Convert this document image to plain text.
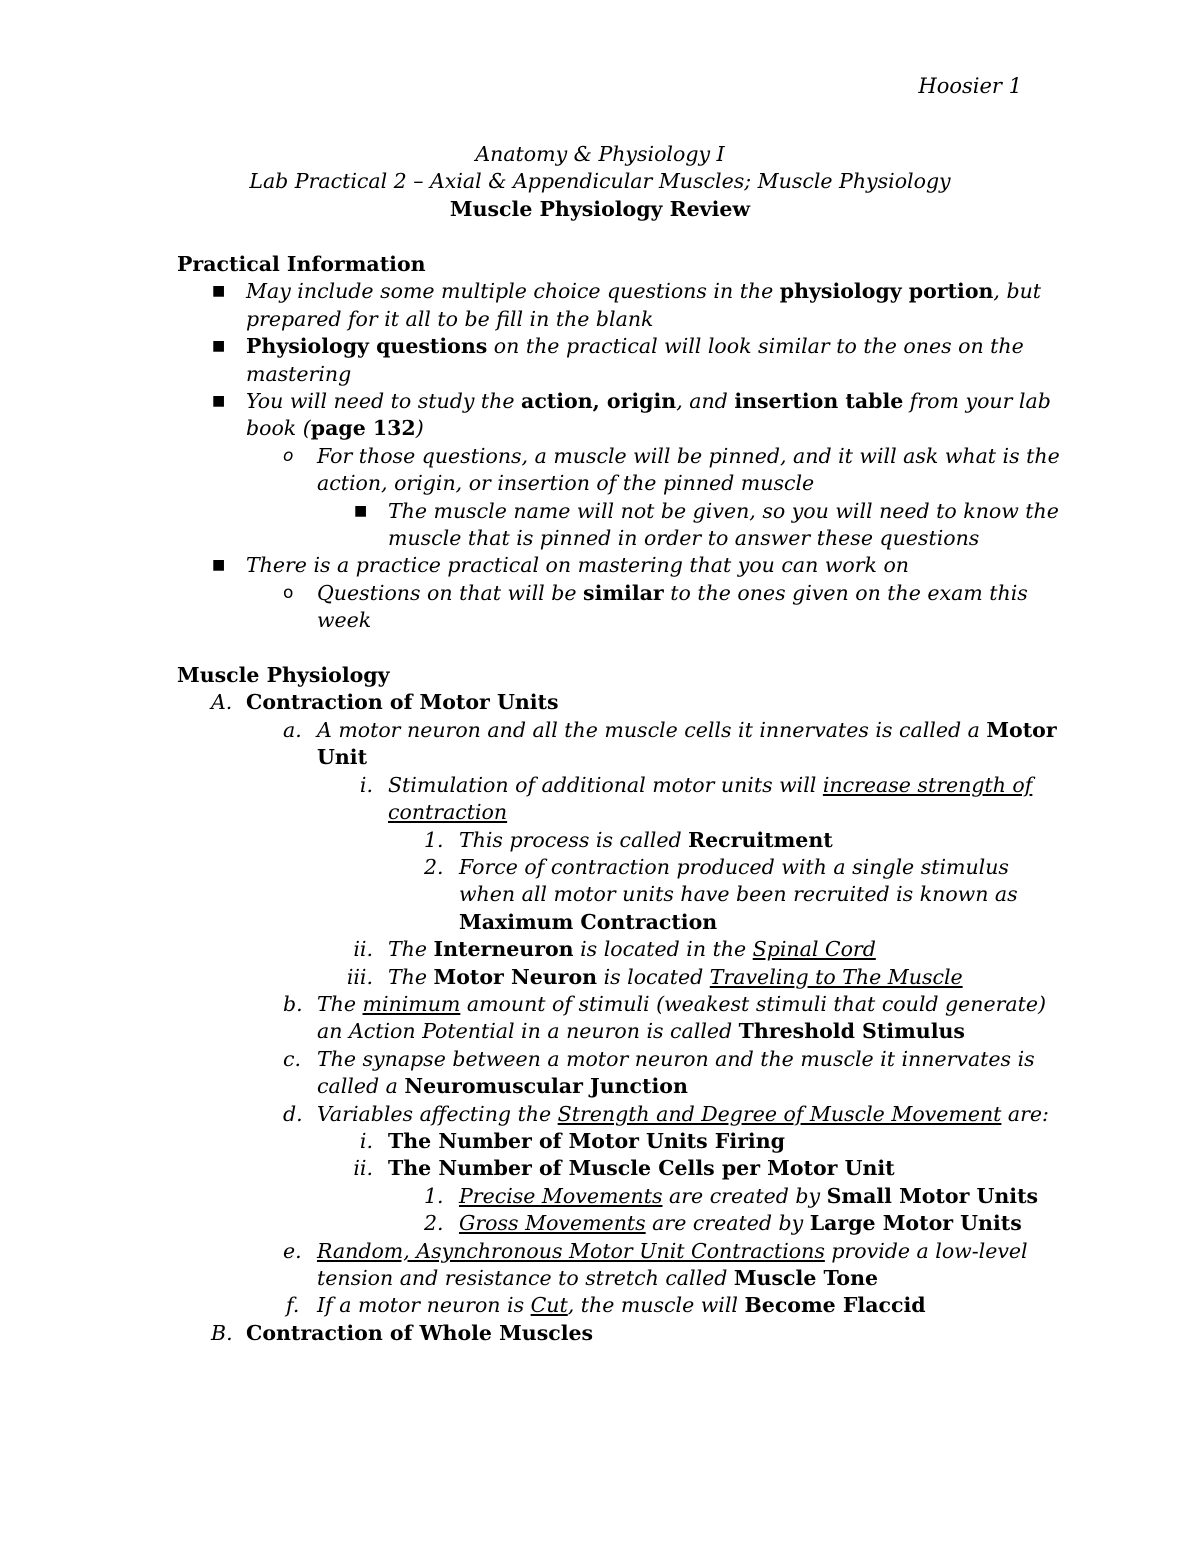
Hoosier 1
Anatomy & Physiology I
Lab Practical 2 – Axial & Appendicular Muscles; Muscle Physiology
Muscle Physiology Review
Practical Information
■ May include some multiple choice questions in the physiology portion, but
prepared for it all to be fill in the blank
■ Physiology questions on the practical will look similar to the ones on the
mastering
■ You will need to study the action, origin, and insertion table from your lab
book (page 132)
o For those questions, a muscle will be pinned, and it will ask what is the
action, origin, or insertion of the pinned muscle
■ The muscle name will not be given, so you will need to know the
muscle that is pinned in order to answer these questions
■ There is a practice practical on mastering that you can work on
o Questions on that will be similar to the ones given on the exam this
week
Muscle Physiology
A. Contraction of Motor Units
a. A motor neuron and all the muscle cells it innervates is called a Motor
Unit
i. Stimulation of additional motor units will increase strength of
contraction
1. This process is called Recruitment
2. Force of contraction produced with a single stimulus
when all motor units have been recruited is known as
Maximum Contraction
ii. The Interneuron is located in the Spinal Cord
iii. The Motor Neuron is located Traveling to The Muscle
b. The minimum amount of stimuli (weakest stimuli that could generate)
an Action Potential in a neuron is called Threshold Stimulus
c. The synapse between a motor neuron and the muscle it innervates is
called a Neuromuscular Junction
d. Variables affecting the Strength and Degree of Muscle Movement are:
i. The Number of Motor Units Firing
ii. The Number of Muscle Cells per Motor Unit
1. Precise Movements are created by Small Motor Units
2. Gross Movements are created by Large Motor Units
e. Random, Asynchronous Motor Unit Contractions provide a low-level
tension and resistance to stretch called Muscle Tone
f. If a motor neuron is Cut, the muscle will Become Flaccid
B. Contraction of Whole Muscles
